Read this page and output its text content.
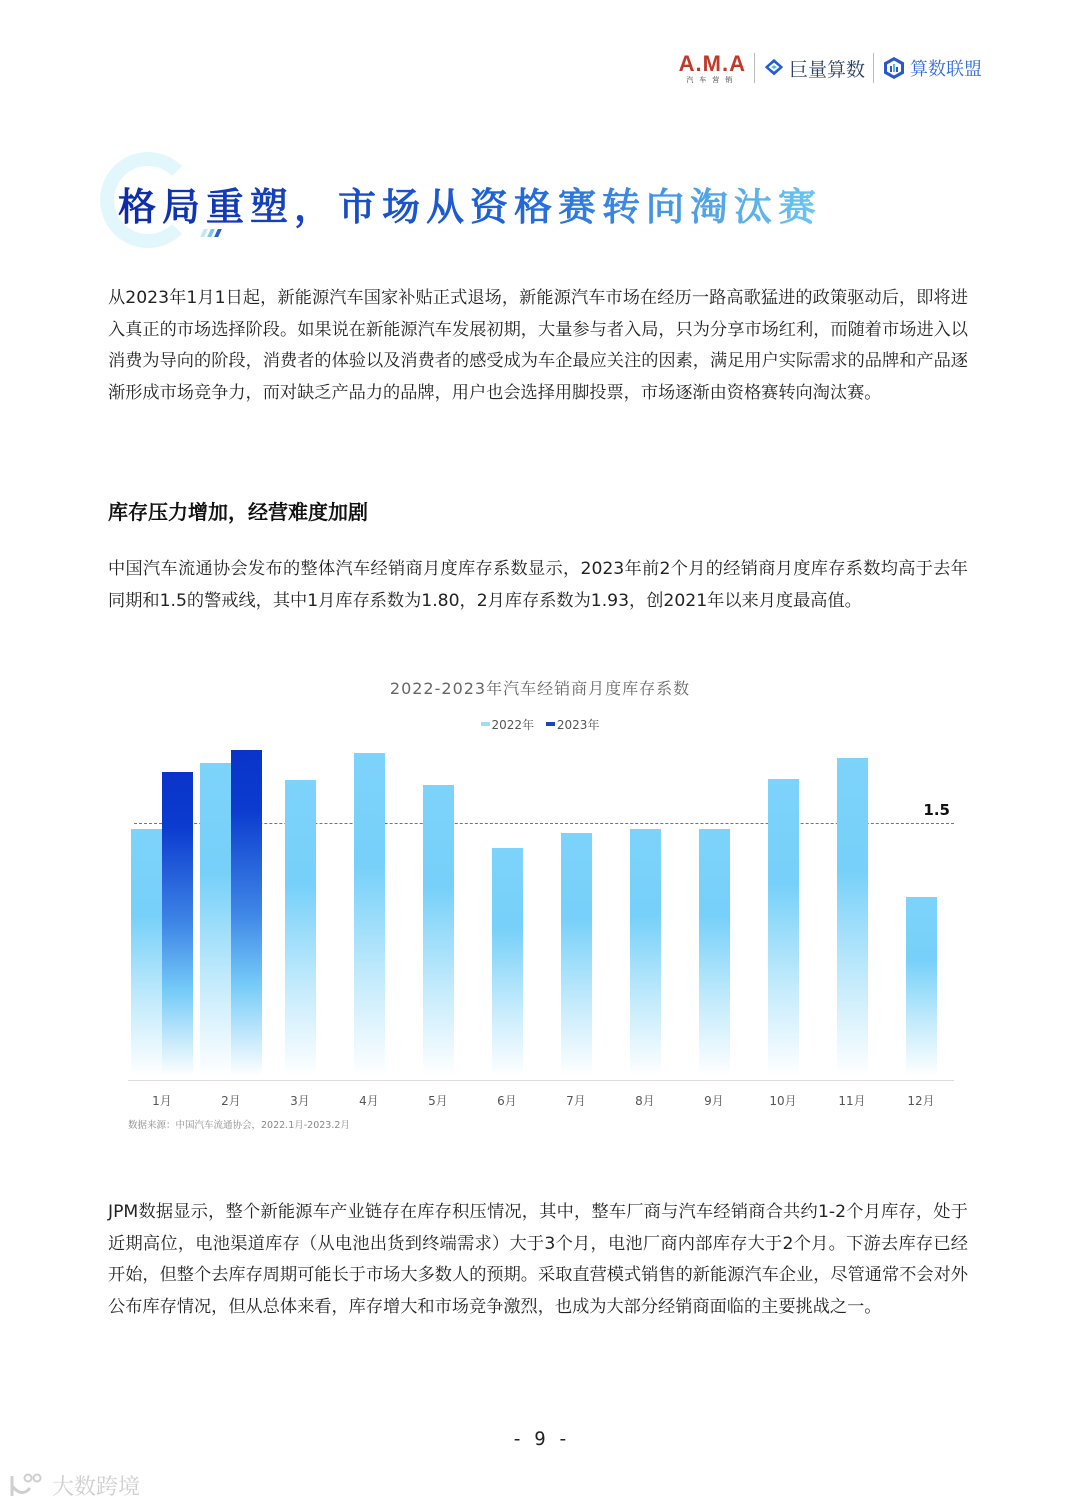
A.M.A
汽车营销	巨量算数	算数联盟
格局重塑，市场从资格赛转向淘汰赛

从2023年1月1日起，新能源汽车国家补贴正式退场，新能源汽车市场在经历一路高歌猛进的政策驱动后，即将进入真正的市场选择阶段。如果说在新能源汽车发展初期，大量参与者入局，只为分享市场红利，而随着市场进入以消费为导向的阶段，消费者的体验以及消费者的感受成为车企最应关注的因素，满足用户实际需求的品牌和产品逐渐形成市场竞争力，而对缺乏产品力的品牌，用户也会选择用脚投票，市场逐渐由资格赛转向淘汰赛。

库存压力增加，经营难度加剧

中国汽车流通协会发布的整体汽车经销商月度库存系数显示，2023年前2个月的经销商月度库存系数均高于去年同期和1.5的警戒线，其中1月库存系数为1.80，2月库存系数为1.93，创2021年以来月度最高值。

2022-2023年汽车经销商月度库存系数
2022年
2023年
1.5
数据来源：中国汽车流通协会，2022.1月-2023.2月

JPM数据显示，整个新能源车产业链存在库存积压情况，其中，整车厂商与汽车经销商合共约1-2个月库存，处于近期高位，电池渠道库存（从电池出货到终端需求）大于3个月，电池厂商内部库存大于2个月。下游去库存已经开始，但整个去库存周期可能长于市场大多数人的预期。采取直营模式销售的新能源汽车企业，尽管通常不会对外公布库存情况，但从总体来看，库存增大和市场竞争激烈，也成为大部分经销商面临的主要挑战之一。

- 9 -
大数跨境
1月	2月	3月	4月	5月	6月	7月	8月	9月	10月	11月	12月
